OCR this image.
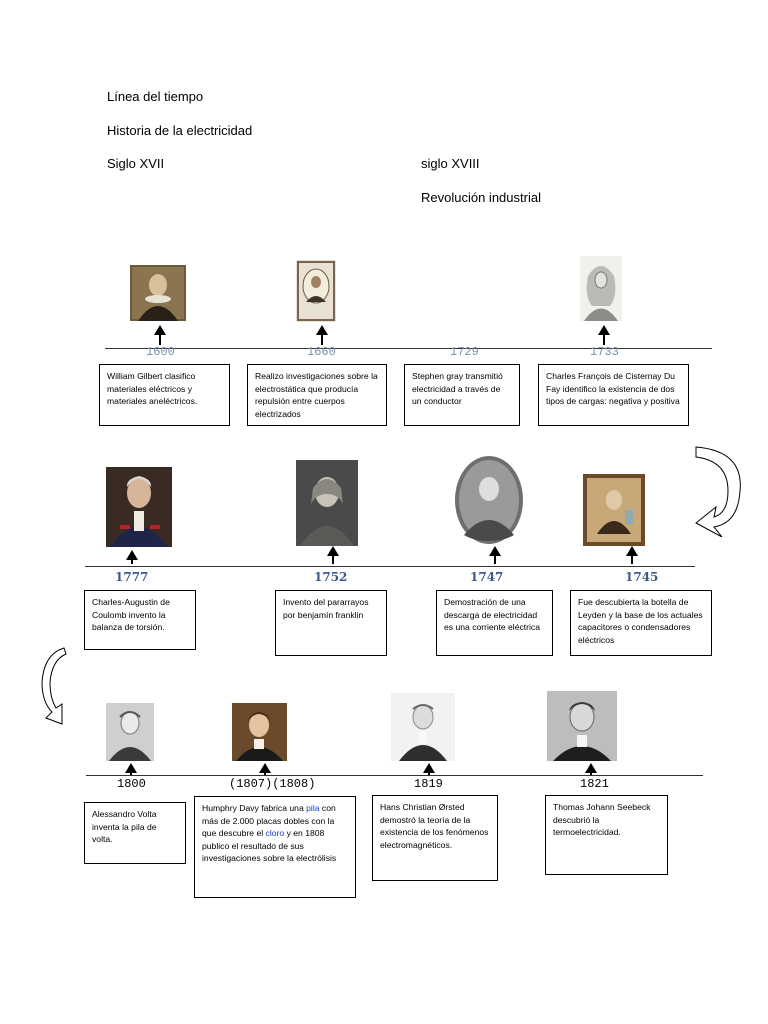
Línea del tiempo
Historia de la electricidad
Siglo XVII	siglo XVIII
Revolución industrial
1600	1660	1729	1733
William Gilbert clasifico materiales eléctricos y materiales aneléctricos.
Realizo investigaciones sobre la electrostática que producía repulsión entre cuerpos electrizados
Stephen gray transmitió electricidad a través de un conductor
Charles François de Cisternay Du Fay identifico la existencia de dos tipos de cargas: negativa y positiva
1777	1752	1747	1745
Charles-Augustin de Coulomb invento la balanza de torsión.
Invento del pararrayos por benjamín franklin
Demostración de una descarga de electricidad es una corriente eléctrica
Fue descubierta la botella de Leyden y la base de los actuales capacitores o condensadores eléctricos
1800	(1807)(1808)	1819	1821
Alessandro Volta inventa la pila de volta.
Humphry Davy fabrica una pila con más de 2.000 placas dobles con la que descubre el cloro y en 1808 publico el resultado de sus investigaciones sobre la electrólisis
Hans Christian Ørsted demostró la teoría de la existencia de los fenómenos electromagnéticos.
Thomas Johann Seebeck descubrió la termoelectricidad.
